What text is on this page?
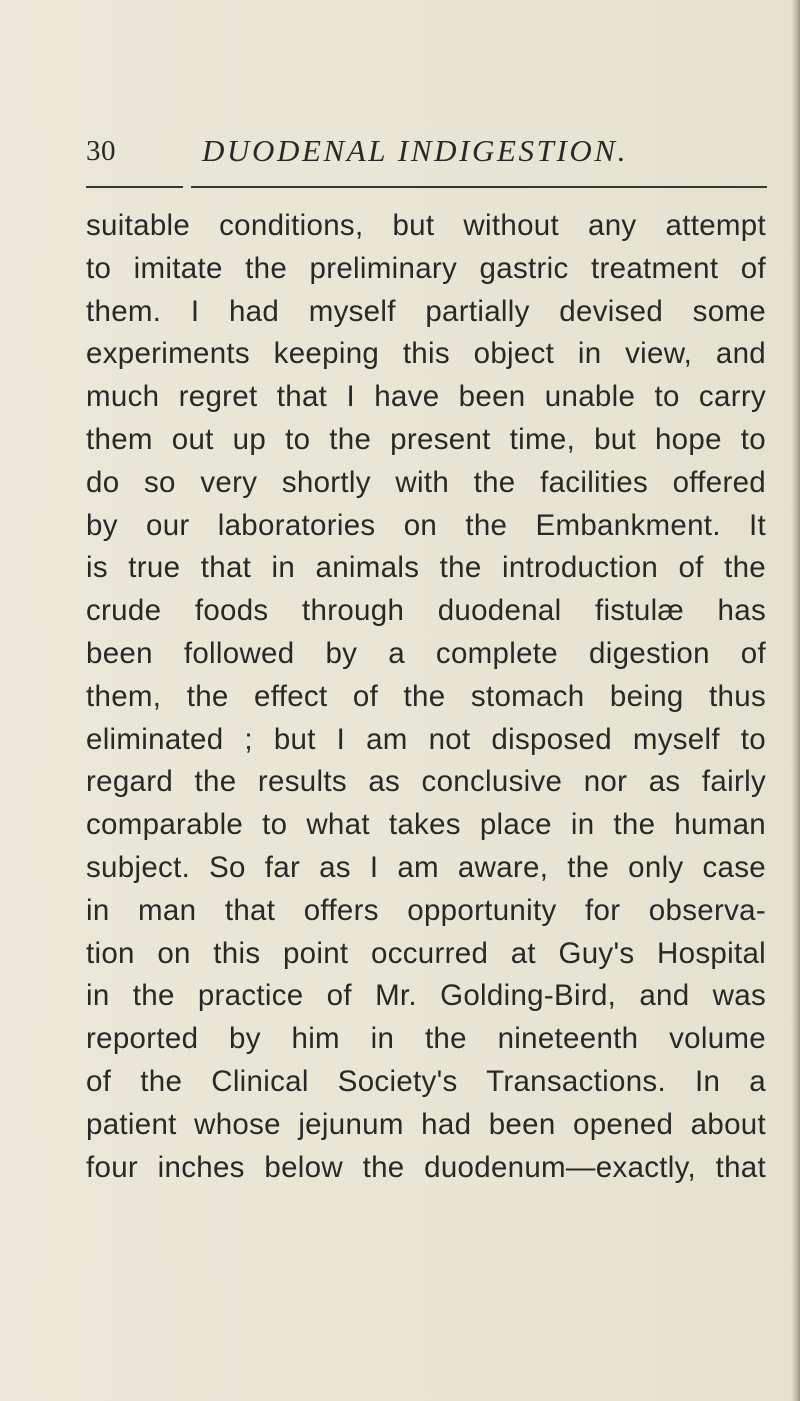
30	DUODENAL INDIGESTION.
suitable conditions, but without any attempt
to imitate the preliminary gastric treatment of
them. I had myself partially devised some
experiments keeping this object in view, and
much regret that I have been unable to carry
them out up to the present time, but hope to
do so very shortly with the facilities offered
by our laboratories on the Embankment. It
is true that in animals the introduction of the
crude foods through duodenal fistulæ has
been followed by a complete digestion of
them, the effect of the stomach being thus
eliminated ; but I am not disposed myself to
regard the results as conclusive nor as fairly
comparable to what takes place in the human
subject. So far as I am aware, the only case
in man that offers opportunity for observa-
tion on this point occurred at Guy's Hospital
in the practice of Mr. Golding-Bird, and was
reported by him in the nineteenth volume
of the Clinical Society's Transactions. In a
patient whose jejunum had been opened about
four inches below the duodenum—exactly, that
